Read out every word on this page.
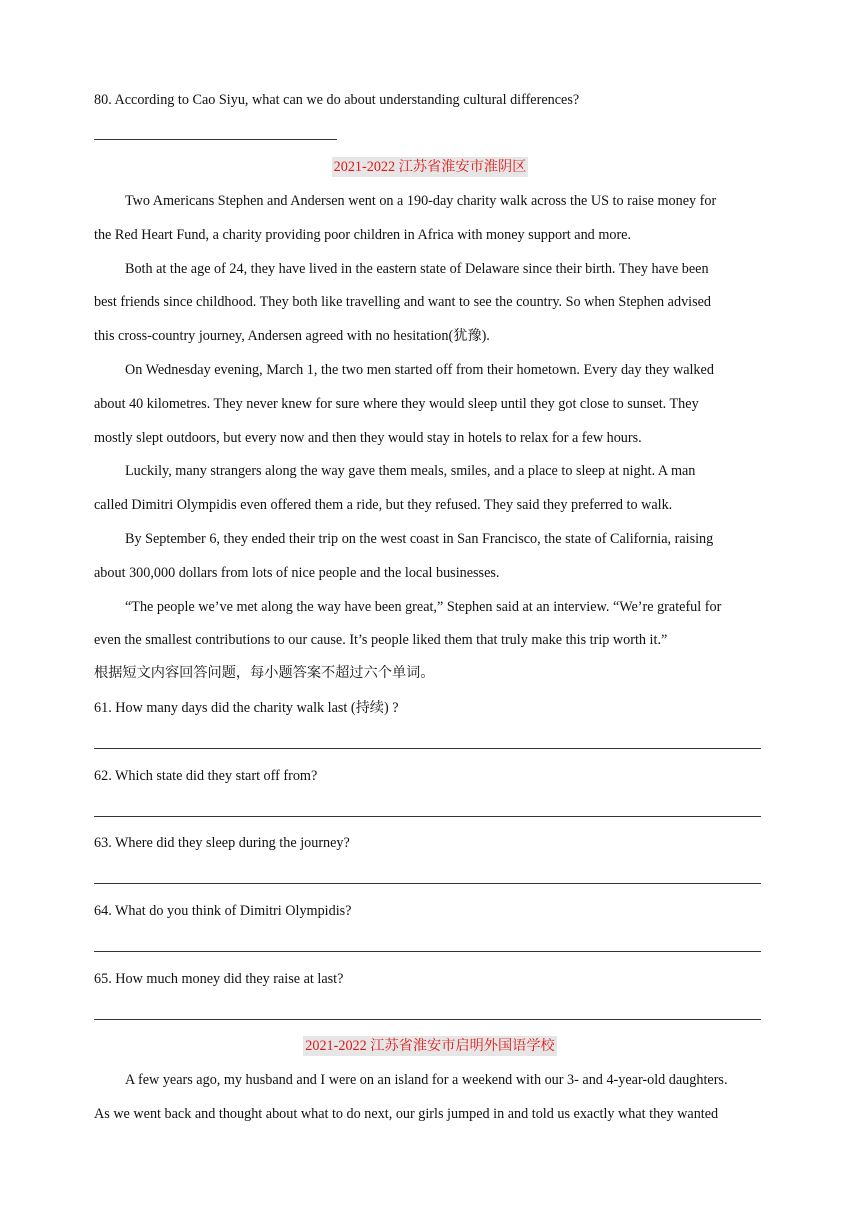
80. According to Cao Siyu, what can we do about understanding cultural differences?
2021-2022 江苏省淮安市淮阴区
Two Americans Stephen and Andersen went on a 190-day charity walk across the US to raise money for
the Red Heart Fund, a charity providing poor children in Africa with money support and more.
Both at the age of 24, they have lived in the eastern state of Delaware since their birth. They have been
best friends since childhood. They both like travelling and want to see the country. So when Stephen advised
this cross-country journey, Andersen agreed with no hesitation(犹豫).
On Wednesday evening, March 1, the two men started off from their hometown. Every day they walked
about 40 kilometres. They never knew for sure where they would sleep until they got close to sunset. They
mostly slept outdoors, but every now and then they would stay in hotels to relax for a few hours.
Luckily, many strangers along the way gave them meals, smiles, and a place to sleep at night. A man
called Dimitri Olympidis even offered them a ride, but they refused. They said they preferred to walk.
By September 6, they ended their trip on the west coast in San Francisco, the state of California, raising
about 300,000 dollars from lots of nice people and the local businesses.
“The people we’ve met along the way have been great,” Stephen said at an interview. “We’re grateful for
even the smallest contributions to our cause. It’s people liked them that truly make this trip worth it.”
根据短文内容回答问题，每小题答案不超过六个单词。
61. How many days did the charity walk last (持续) ?
62. Which state did they start off from?
63. Where did they sleep during the journey?
64. What do you think of Dimitri Olympidis?
65. How much money did they raise at last?
2021-2022 江苏省淮安市启明外国语学校
A few years ago, my husband and I were on an island for a weekend with our 3- and 4-year-old daughters.
As we went back and thought about what to do next, our girls jumped in and told us exactly what they wanted
